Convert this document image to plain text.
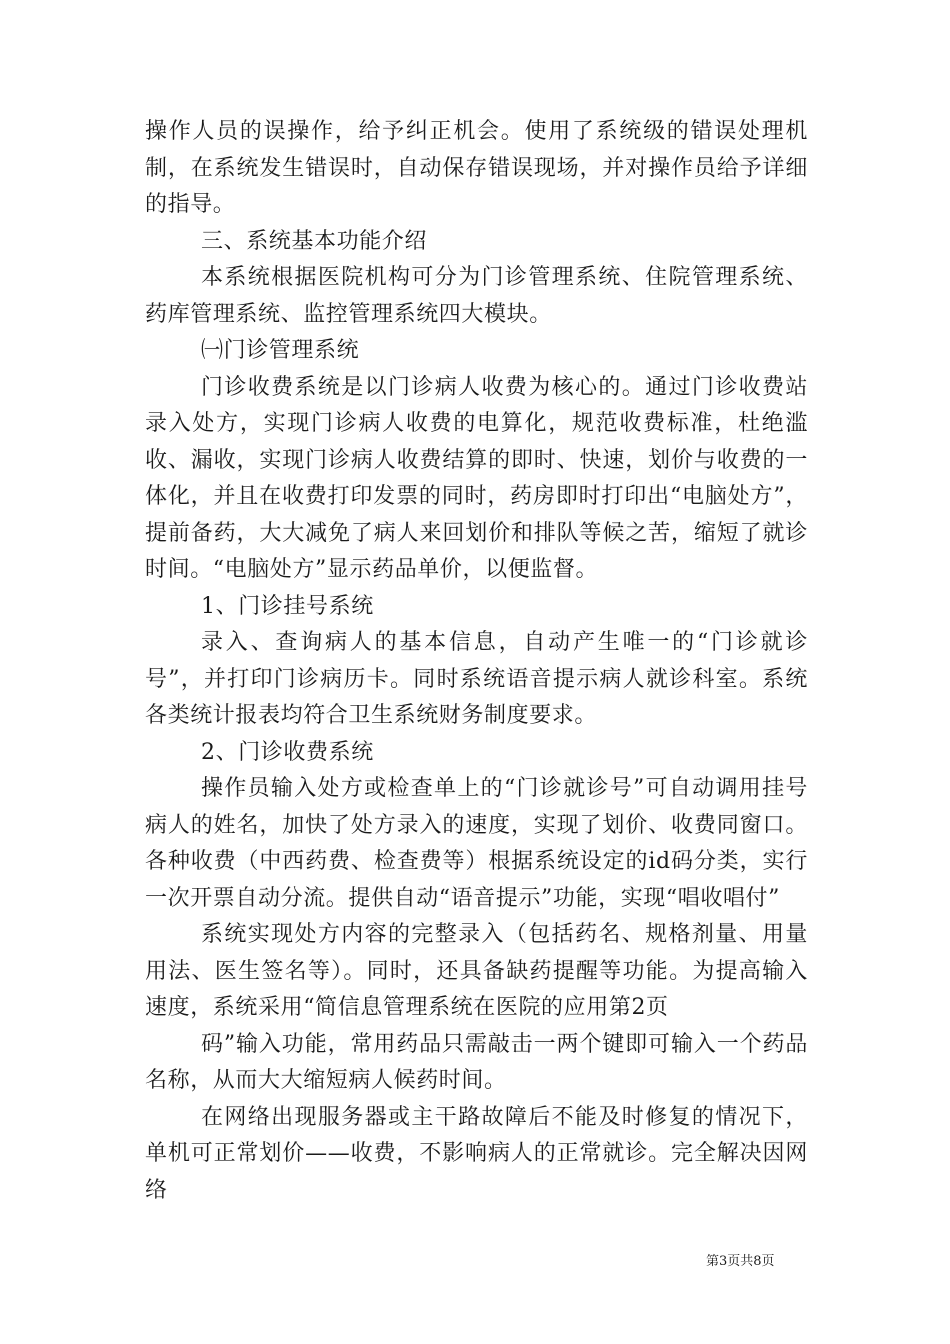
操作人员的误操作，给予纠正机会。使用了系统级的错误处理机制，在系统发生错误时，自动保存错误现场，并对操作员给予详细的指导。

三、系统基本功能介绍

本系统根据医院机构可分为门诊管理系统、住院管理系统、药库管理系统、监控管理系统四大模块。

㈠门诊管理系统

门诊收费系统是以门诊病人收费为核心的。通过门诊收费站录入处方，实现门诊病人收费的电算化，规范收费标准，杜绝滥收、漏收，实现门诊病人收费结算的即时、快速，划价与收费的一体化，并且在收费打印发票的同时，药房即时打印出“电脑处方”，提前备药，大大减免了病人来回划价和排队等候之苦，缩短了就诊时间。“电脑处方”显示药品单价，以便监督。

1、门诊挂号系统

录入、查询病人的基本信息，自动产生唯一的“门诊就诊号”，并打印门诊病历卡。同时系统语音提示病人就诊科室。系统各类统计报表均符合卫生系统财务制度要求。

2、门诊收费系统

操作员输入处方或检查单上的“门诊就诊号”可自动调用挂号病人的姓名，加快了处方录入的速度，实现了划价、收费同窗口。各种收费（中西药费、检查费等）根据系统设定的id码分类，实行一次开票自动分流。提供自动“语音提示”功能，实现“唱收唱付”

系统实现处方内容的完整录入（包括药名、规格剂量、用量用法、医生签名等）。同时，还具备缺药提醒等功能。为提高输入速度，系统采用“简信息管理系统在医院的应用第2页

码”输入功能，常用药品只需敲击一两个键即可输入一个药品名称，从而大大缩短病人候药时间。

在网络出现服务器或主干路故障后不能及时修复的情况下，单机可正常划价——收费，不影响病人的正常就诊。完全解决因网络

第3页共8页
